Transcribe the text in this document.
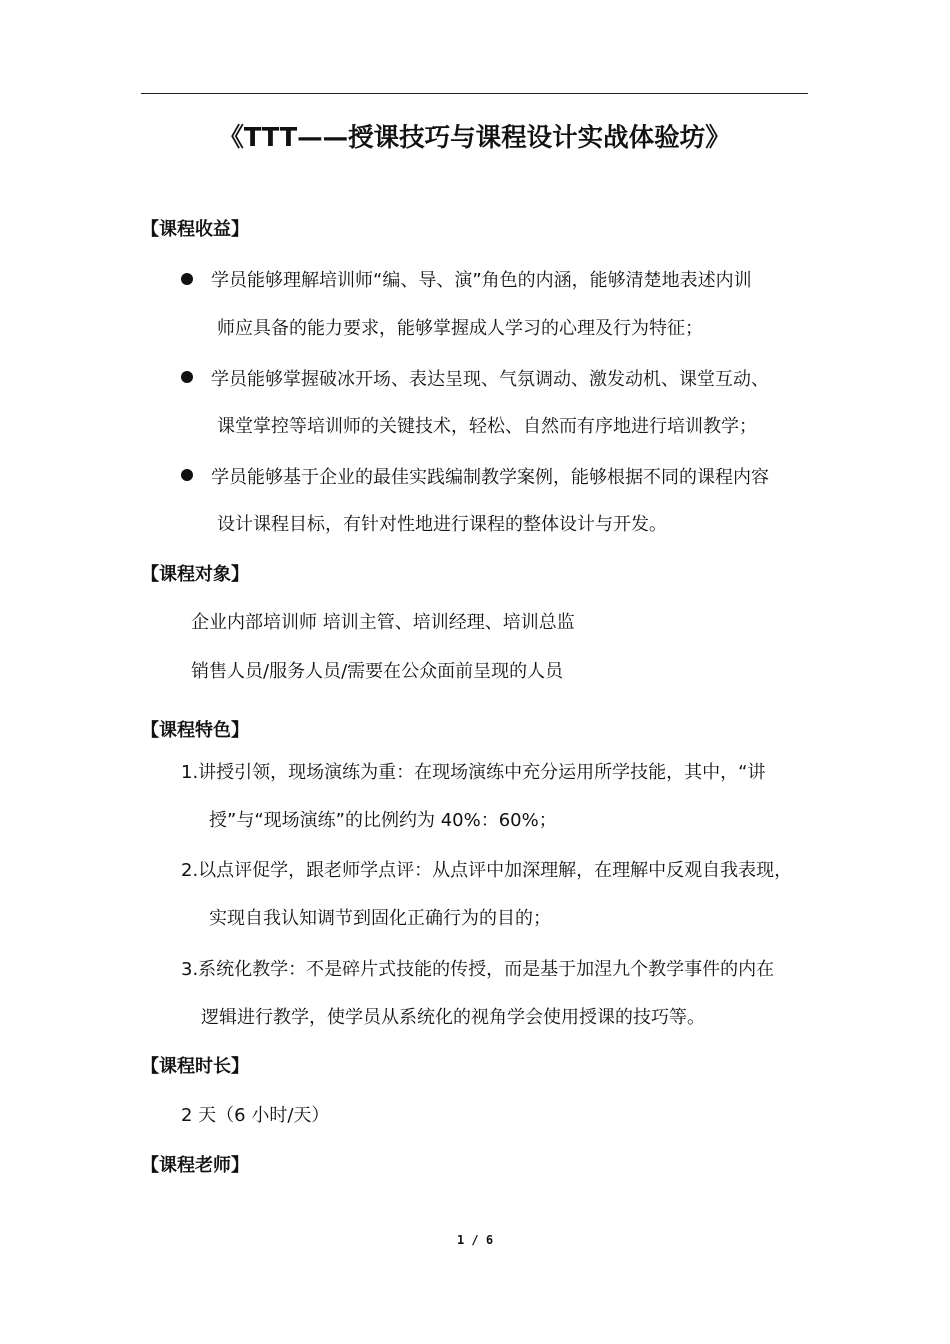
《TTT——授课技巧与课程设计实战体验坊》
【课程收益】
学员能够理解培训师“编、导、演”角色的内涵，能够清楚地表述内训
师应具备的能力要求，能够掌握成人学习的心理及行为特征；
学员能够掌握破冰开场、表达呈现、气氛调动、激发动机、课堂互动、
课堂掌控等培训师的关键技术，轻松、自然而有序地进行培训教学；
学员能够基于企业的最佳实践编制教学案例，能够根据不同的课程内容
设计课程目标，有针对性地进行课程的整体设计与开发。
【课程对象】
企业内部培训师 培训主管、培训经理、培训总监
销售人员/服务人员/需要在公众面前呈现的人员
【课程特色】
1.讲授引领，现场演练为重：在现场演练中充分运用所学技能，其中，“讲
授”与“现场演练”的比例约为 40%：60%；
2.以点评促学，跟老师学点评：从点评中加深理解，在理解中反观自我表现，
实现自我认知调节到固化正确行为的目的；
3.系统化教学：不是碎片式技能的传授，而是基于加涅九个教学事件的内在
逻辑进行教学，使学员从系统化的视角学会使用授课的技巧等。
【课程时长】
2 天（6 小时/天）
【课程老师】
1 / 6
